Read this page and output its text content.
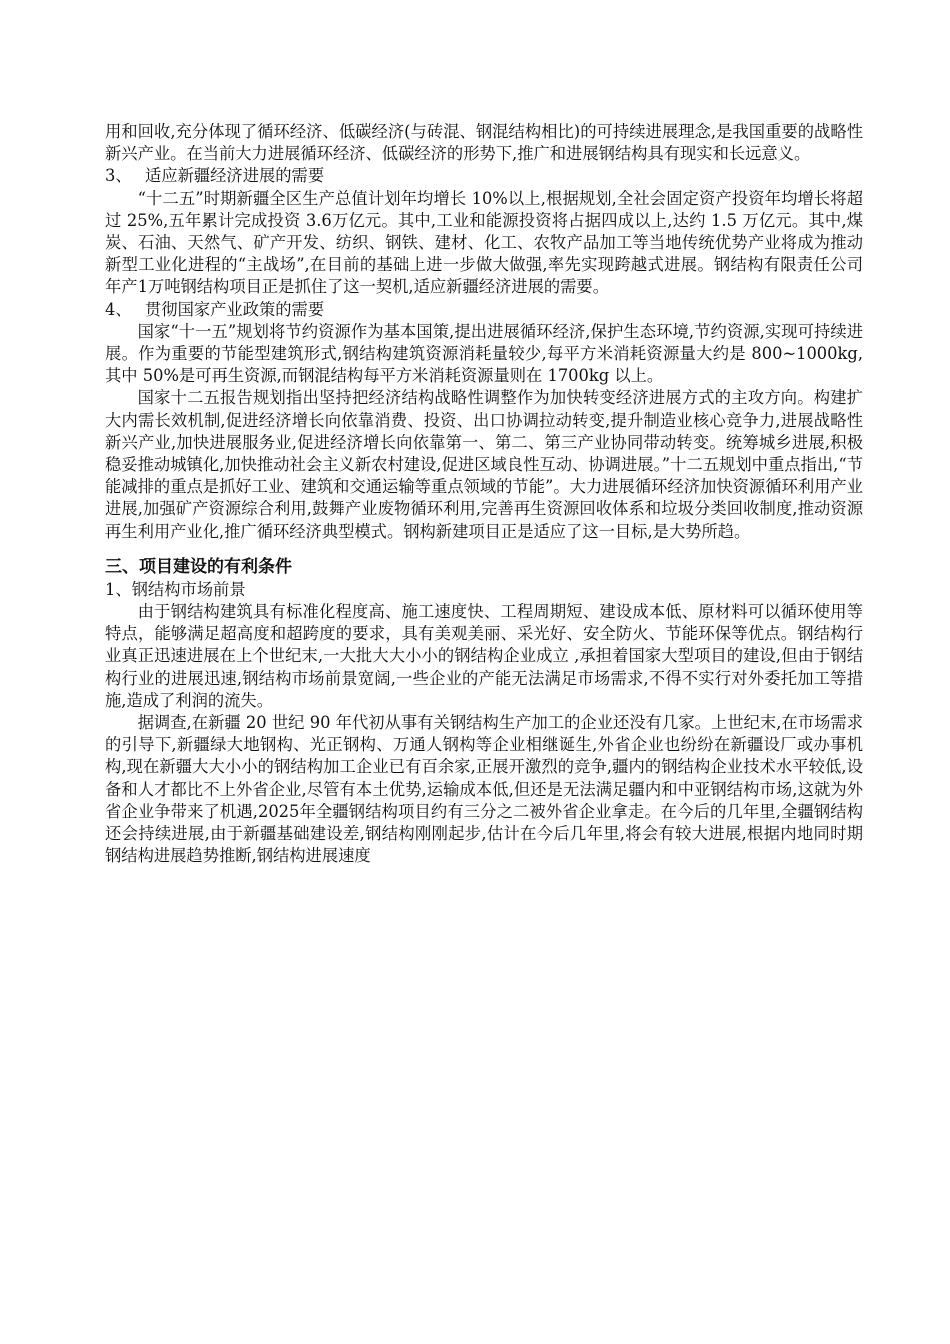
用和回收,充分体现了循环经济、低碳经济(与砖混、钢混结构相比)的可持续进展理念,是我国重要的战略性新兴产业。在当前大力进展循环经济、低碳经济的形势下,推广和进展钢结构具有现实和长远意义。

3、 适应新疆经济进展的需要

“十二五”时期新疆全区生产总值计划年均增长 10%以上,根据规划,全社会固定资产投资年均增长将超过 25%,五年累计完成投资 3.6万亿元。其中,工业和能源投资将占据四成以上,达约 1.5 万亿元。其中,煤炭、石油、天然气、矿产开发、纺织、钢铁、建材、化工、农牧产品加工等当地传统优势产业将成为推动新型工业化进程的“主战场”,在目前的基础上进一步做大做强,率先实现跨越式进展。钢结构有限责任公司年产1万吨钢结构项目正是抓住了这一契机,适应新疆经济进展的需要。

4、 贯彻国家产业政策的需要

国家“十一五”规划将节约资源作为基本国策,提出进展循环经济,保护生态环境,节约资源,实现可持续进展。作为重要的节能型建筑形式,钢结构建筑资源消耗量较少,每平方米消耗资源量大约是 800~1000kg,其中 50%是可再生资源,而钢混结构每平方米消耗资源量则在 1700kg 以上。

国家十二五报告规划指出坚持把经济结构战略性调整作为加快转变经济进展方式的主攻方向。构建扩大内需长效机制,促进经济增长向依靠消费、投资、出口协调拉动转变,提升制造业核心竞争力,进展战略性新兴产业,加快进展服务业,促进经济增长向依靠第一、第二、第三产业协同带动转变。统筹城乡进展,积极稳妥推动城镇化,加快推动社会主义新农村建设,促进区域良性互动、协调进展。”十二五规划中重点指出,“节能减排的重点是抓好工业、建筑和交通运输等重点领域的节能”。大力进展循环经济加快资源循环利用产业进展,加强矿产资源综合利用,鼓舞产业废物循环利用,完善再生资源回收体系和垃圾分类回收制度,推动资源再生利用产业化,推广循环经济典型模式。钢构新建项目正是适应了这一目标,是大势所趋。

三、项目建设的有利条件

1、钢结构市场前景

由于钢结构建筑具有标准化程度高、施工速度快、工程周期短、建设成本低、原材料可以循环使用等特点，能够满足超高度和超跨度的要求，具有美观美丽、采光好、安全防火、节能环保等优点。钢结构行业真正迅速进展在上个世纪末,一大批大大小小的钢结构企业成立 ,承担着国家大型项目的建设,但由于钢结构行业的进展迅速,钢结构市场前景宽阔,一些企业的产能无法满足市场需求,不得不实行对外委托加工等措施,造成了利润的流失。

据调查,在新疆 20 世纪 90 年代初从事有关钢结构生产加工的企业还没有几家。上世纪末,在市场需求的引导下,新疆绿大地钢构、光正钢构、万通人钢构等企业相继诞生,外省企业也纷纷在新疆设厂或办事机构,现在新疆大大小小的钢结构加工企业已有百余家,正展开激烈的竞争,疆内的钢结构企业技术水平较低,设备和人才都比不上外省企业,尽管有本土优势,运输成本低,但还是无法满足疆内和中亚钢结构市场,这就为外省企业争带来了机遇,2025年全疆钢结构项目约有三分之二被外省企业拿走。在今后的几年里,全疆钢结构还会持续进展,由于新疆基础建设差,钢结构刚刚起步,估计在今后几年里,将会有较大进展,根据内地同时期钢结构进展趋势推断,钢结构进展速度
